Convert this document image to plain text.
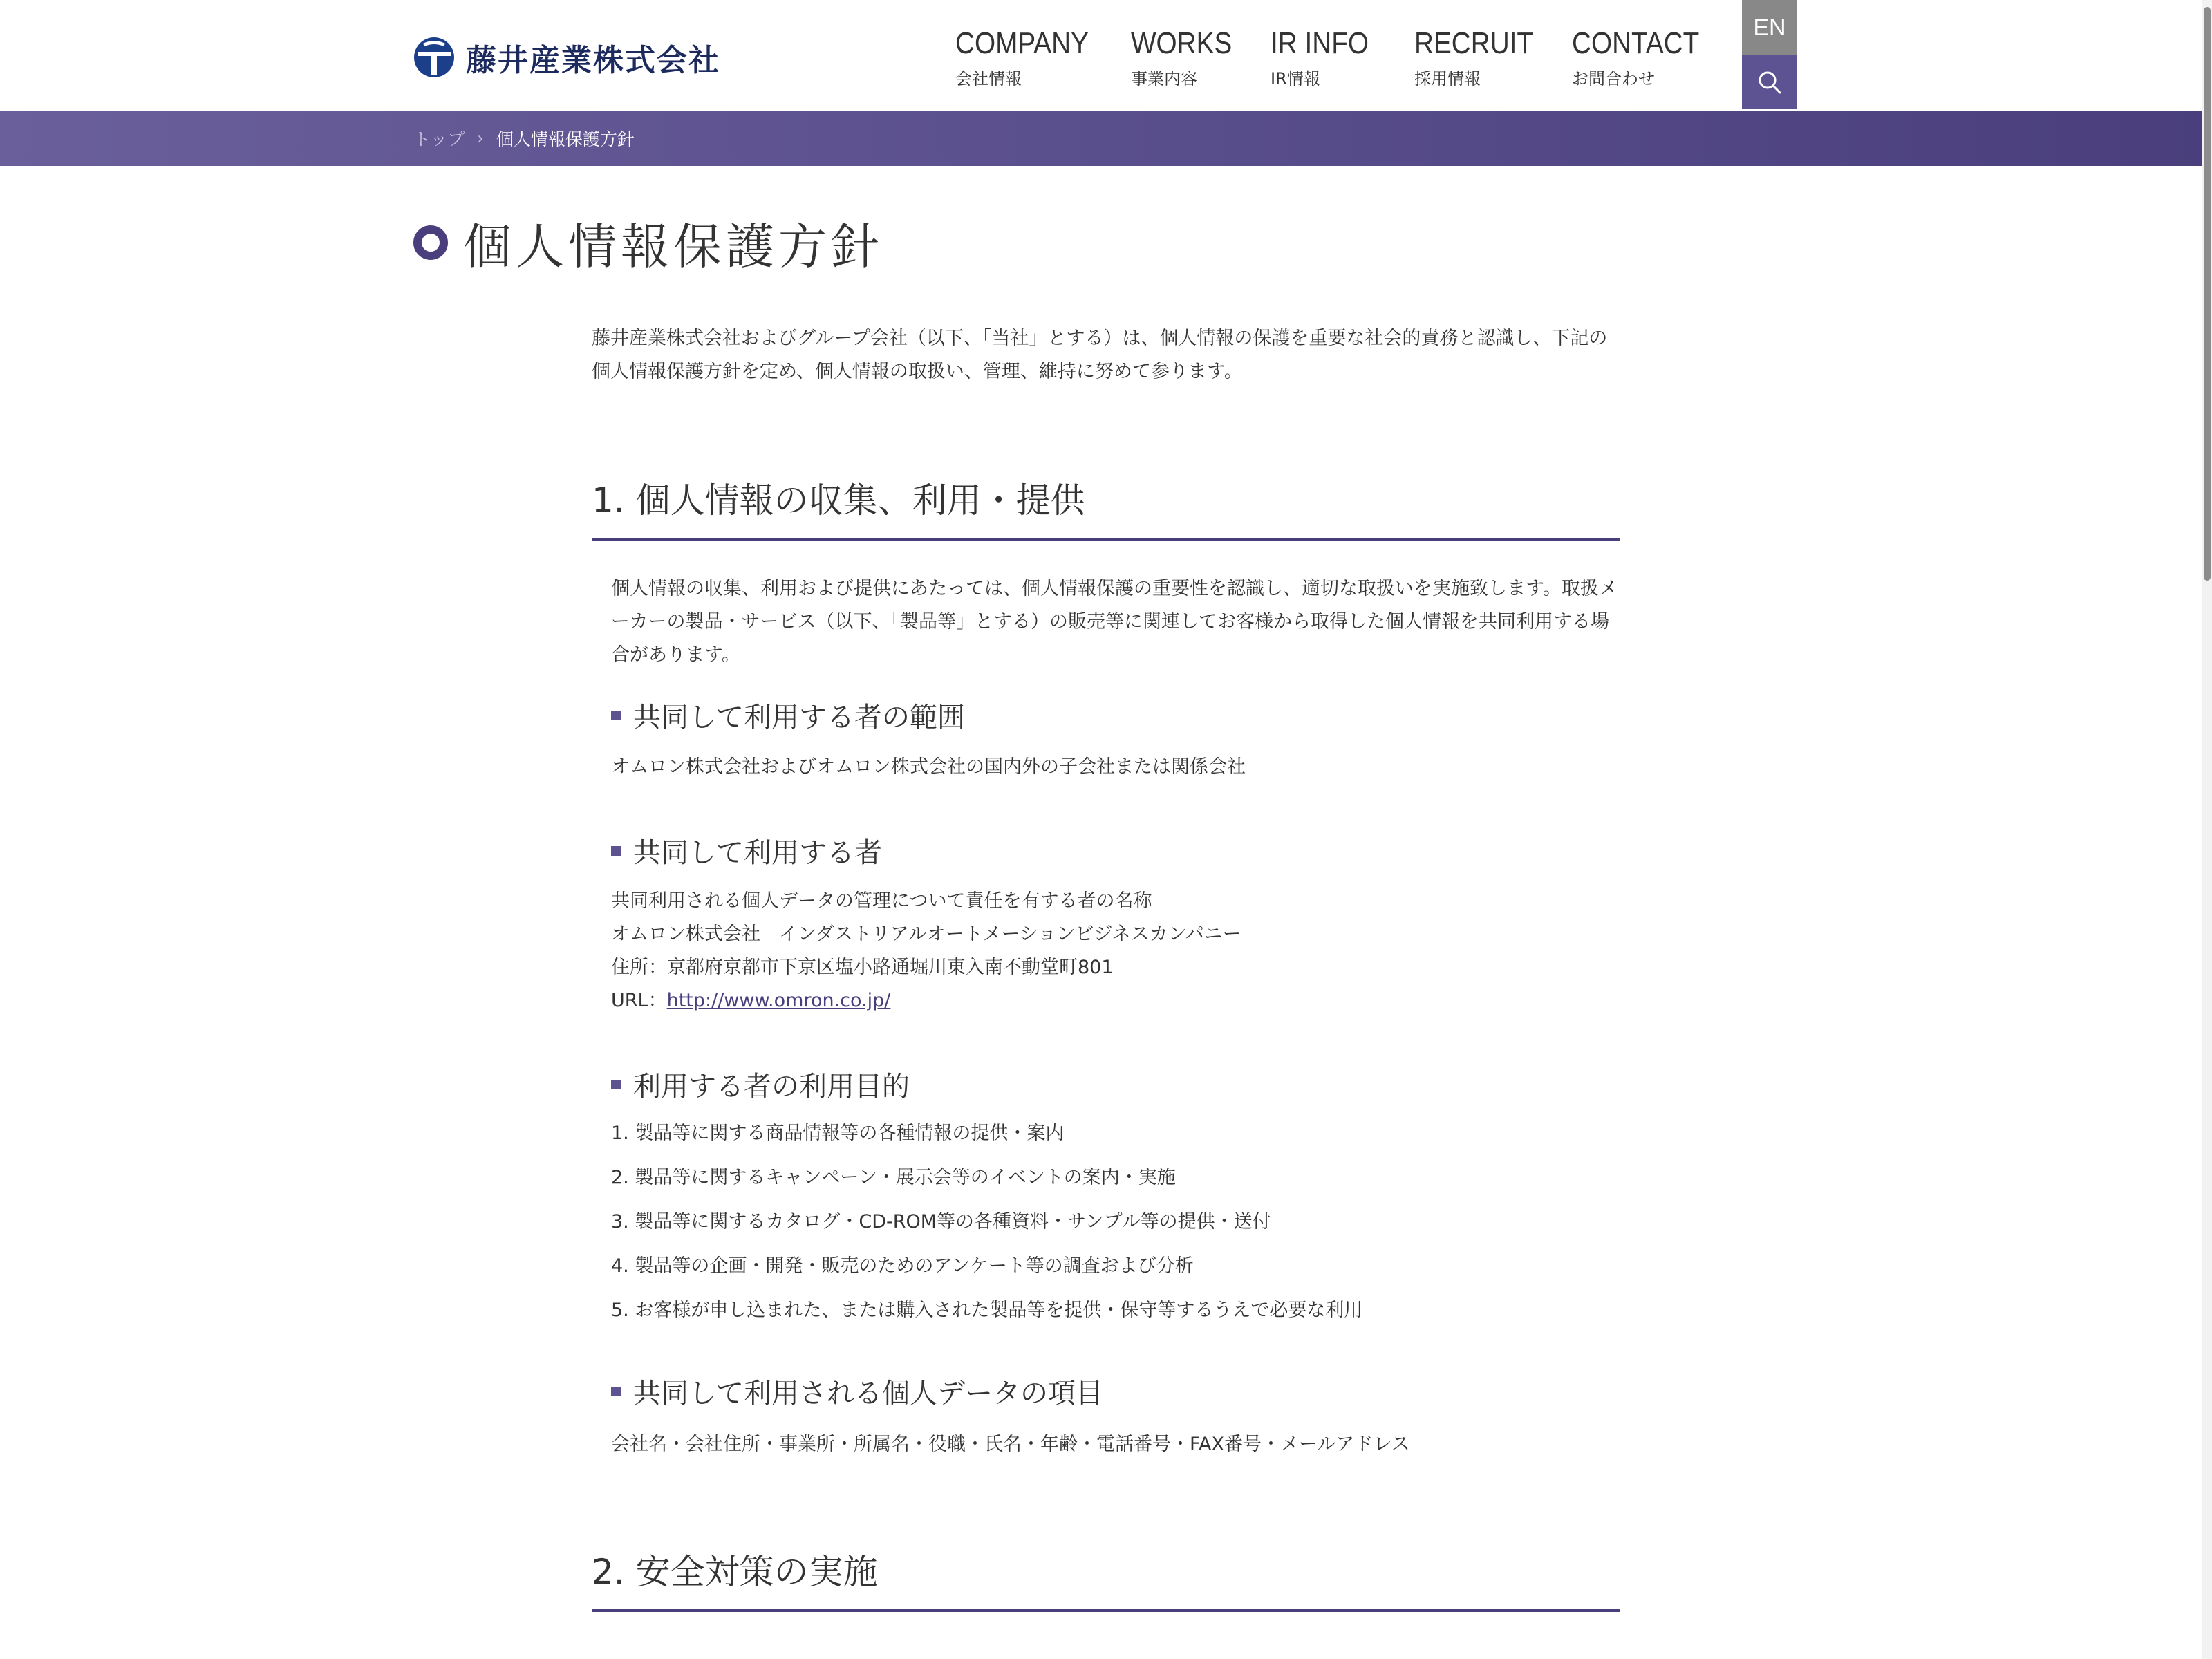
藤井産業株式会社	COMPANY
会社情報
WORKS
事業内容
IR INFO
IR情報
RECRUIT
採用情報
CONTACT
お問合わせ
EN
トップ › 個人情報保護方針
個人情報保護方針

藤井産業株式会社およびグループ会社（以下、「当社」とする）は、個人情報の保護を重要な社会的責務と認識し、下記の個人情報保護方針を定め、個人情報の取扱い、管理、維持に努めて参ります。

1. 個人情報の収集、利用・提供

個人情報の収集、利用および提供にあたっては、個人情報保護の重要性を認識し、適切な取扱いを実施致します。取扱メーカーの製品・サービス（以下、「製品等」とする）の販売等に関連してお客様から取得した個人情報を共同利用する場合があります。

共同して利用する者の範囲

オムロン株式会社およびオムロン株式会社の国内外の子会社または関係会社

共同して利用する者
共同利用される個人データの管理について責任を有する者の名称
オムロン株式会社　インダストリアルオートメーションビジネスカンパニー
住所：京都府京都市下京区塩小路通堀川東入南不動堂町801
URL：http://www.omron.co.jp/
利用する者の利用目的
1. 製品等に関する商品情報等の各種情報の提供・案内
2. 製品等に関するキャンペーン・展示会等のイベントの案内・実施
3. 製品等に関するカタログ・CD-ROM等の各種資料・サンプル等の提供・送付
4. 製品等の企画・開発・販売のためのアンケート等の調査および分析
5. お客様が申し込まれた、または購入された製品等を提供・保守等するうえで必要な利用
共同して利用される個人データの項目

会社名・会社住所・事業所・所属名・役職・氏名・年齢・電話番号・FAX番号・メールアドレス

2. 安全対策の実施
